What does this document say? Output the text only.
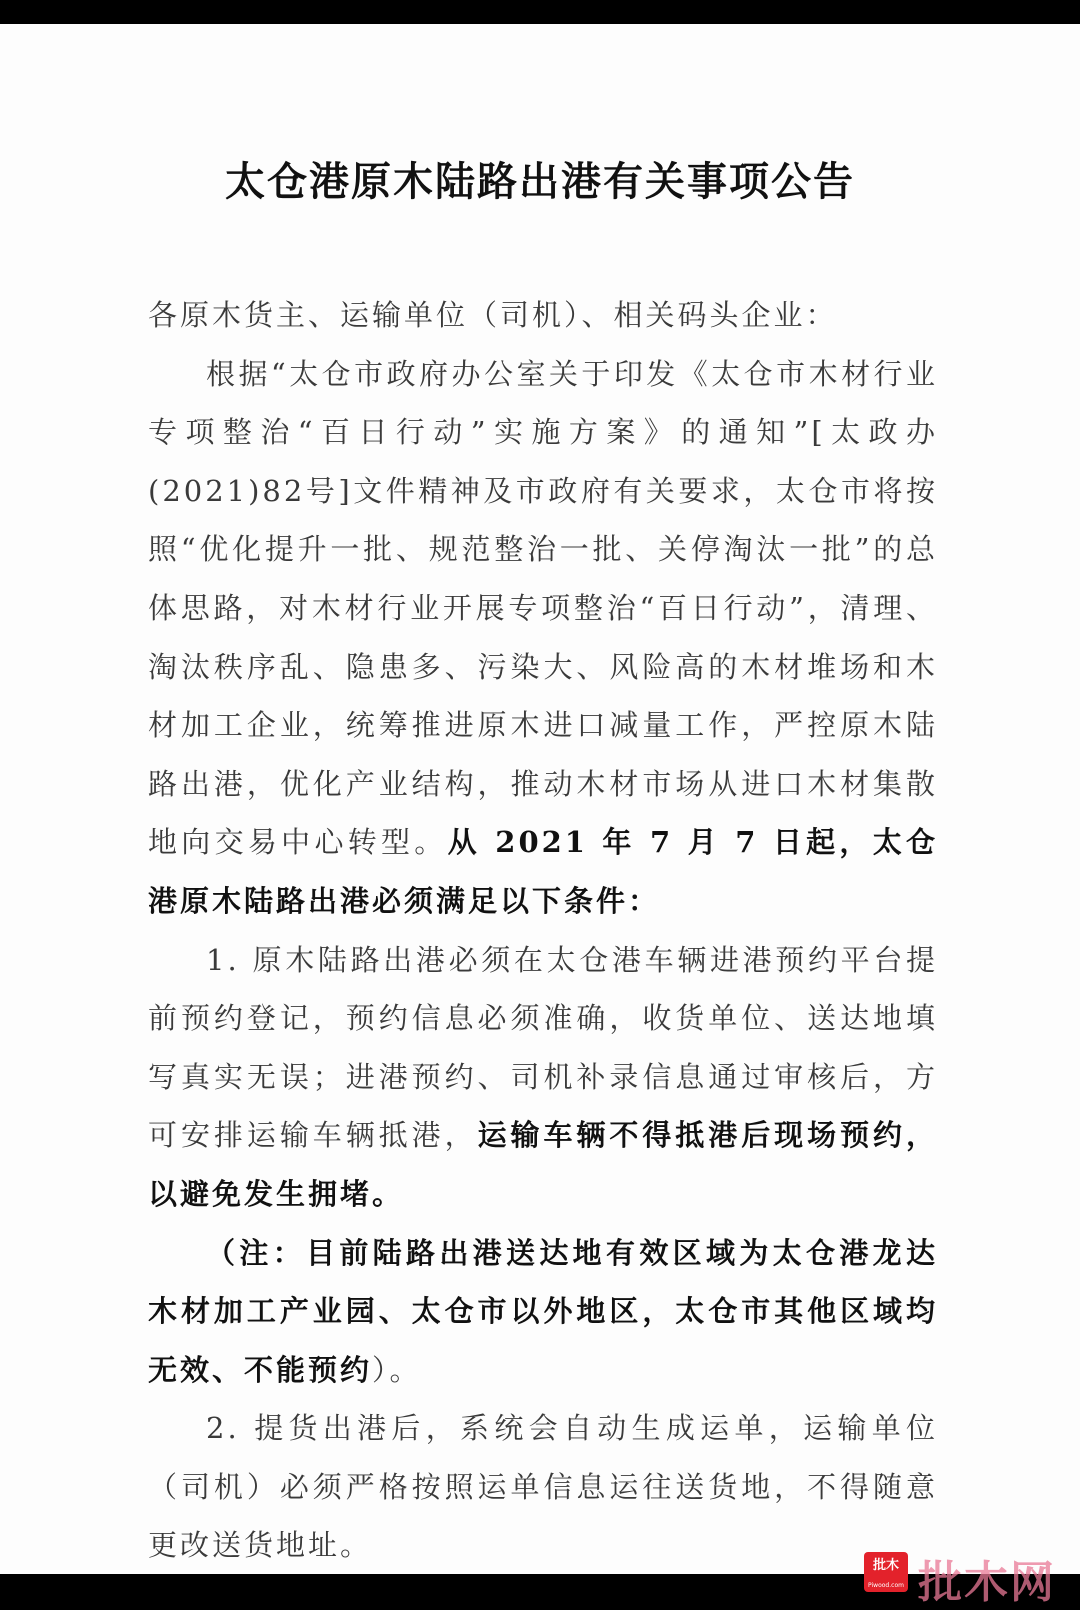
太仓港原木陆路出港有关事项公告

各原木货主、运输单位（司机）、相关码头企业：

根据“太仓市政府办公室关于印发《太仓市木材行业专项整治“百日行动”实施方案》的通知”[太政办(2021)82号]文件精神及市政府有关要求，太仓市将按照“优化提升一批、规范整治一批、关停淘汰一批”的总体思路，对木材行业开展专项整治“百日行动”，清理、淘汰秩序乱、隐患多、污染大、风险高的木材堆场和木材加工企业，统筹推进原木进口减量工作，严控原木陆路出港，优化产业结构，推动木材市场从进口木材集散地向交易中心转型。从 2021 年 7 月 7 日起，太仓港原木陆路出港必须满足以下条件：

1. 原木陆路出港必须在太仓港车辆进港预约平台提前预约登记，预约信息必须准确，收货单位、送达地填写真实无误；进港预约、司机补录信息通过审核后，方可安排运输车辆抵港，运输车辆不得抵港后现场预约，以避免发生拥堵。

（注：目前陆路出港送达地有效区域为太仓港龙达木材加工产业园、太仓市以外地区，太仓市其他区域均无效、不能预约）。

2. 提货出港后，系统会自动生成运单，运输单位（司机）必须严格按照运单信息运往送货地，不得随意更改送货地址。

批木
Piwood.com 批木网
